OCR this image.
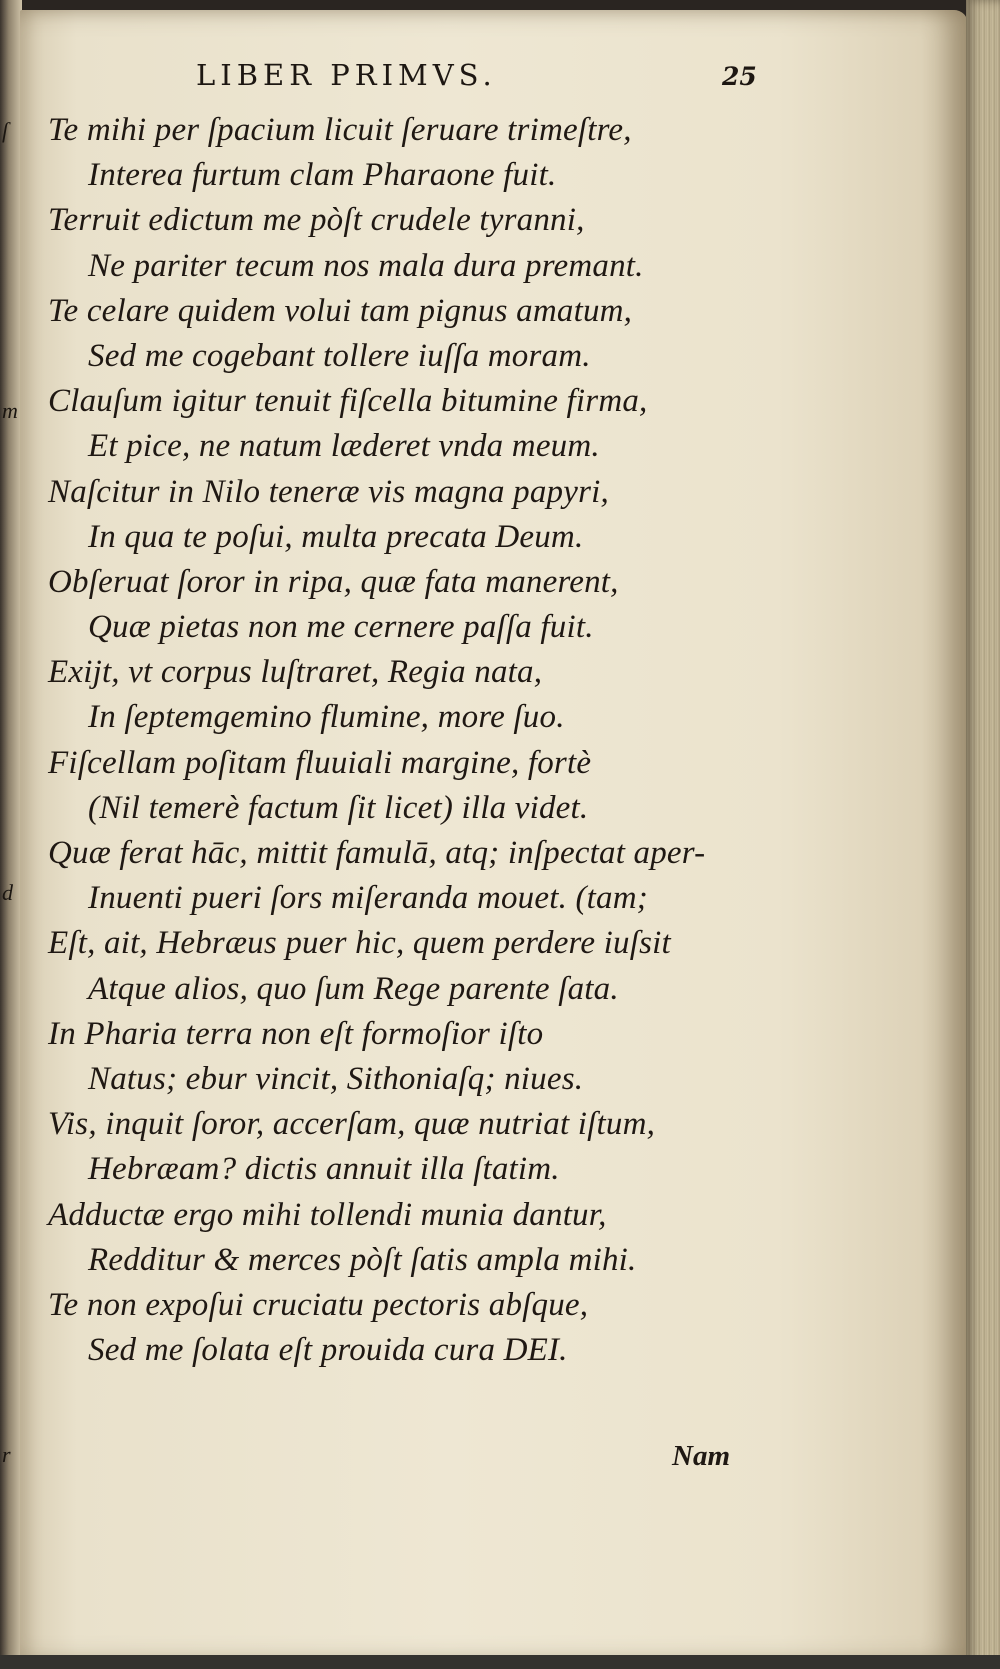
ſ
m
d
r
LIBER PRIMVS.	25
Te mihi per ſpacium licuit ſeruare trimeſtre,
Interea furtum clam Pharaone fuit.
Terruit edictum me pòſt crudele tyranni,
Ne pariter tecum nos mala dura premant.
Te celare quidem volui tam pignus amatum,
Sed me cogebant tollere iuſſa moram.
Clauſum igitur tenuit fiſcella bitumine firma,
Et pice, ne natum læderet vnda meum.
Naſcitur in Nilo teneræ vis magna papyri,
In qua te poſui, multa precata Deum.
Obſeruat ſoror in ripa, quæ fata manerent,
Quæ pietas non me cernere paſſa fuit.
Exijt, vt corpus luſtraret, Regia nata,
In ſeptemgemino flumine, more ſuo.
Fiſcellam poſitam fluuiali margine, fortè
(Nil temerè factum ſit licet) illa videt.
Quæ ferat hāc, mittit famulā, atq; inſpectat aper-
Inuenti pueri ſors miſeranda mouet. (tam;
Eſt, ait, Hebræus puer hic, quem perdere iuſsit
Atque alios, quo ſum Rege parente ſata.
In Pharia terra non eſt formoſior iſto
Natus; ebur vincit, Sithoniaſq; niues.
Vis, inquit ſoror, accerſam, quæ nutriat iſtum,
Hebræam? dictis annuit illa ſtatim.
Adductæ ergo mihi tollendi munia dantur,
Redditur & merces pòſt ſatis ampla mihi.
Te non expoſui cruciatu pectoris abſque,
Sed me ſolata eſt prouida cura DEI.
Nam
